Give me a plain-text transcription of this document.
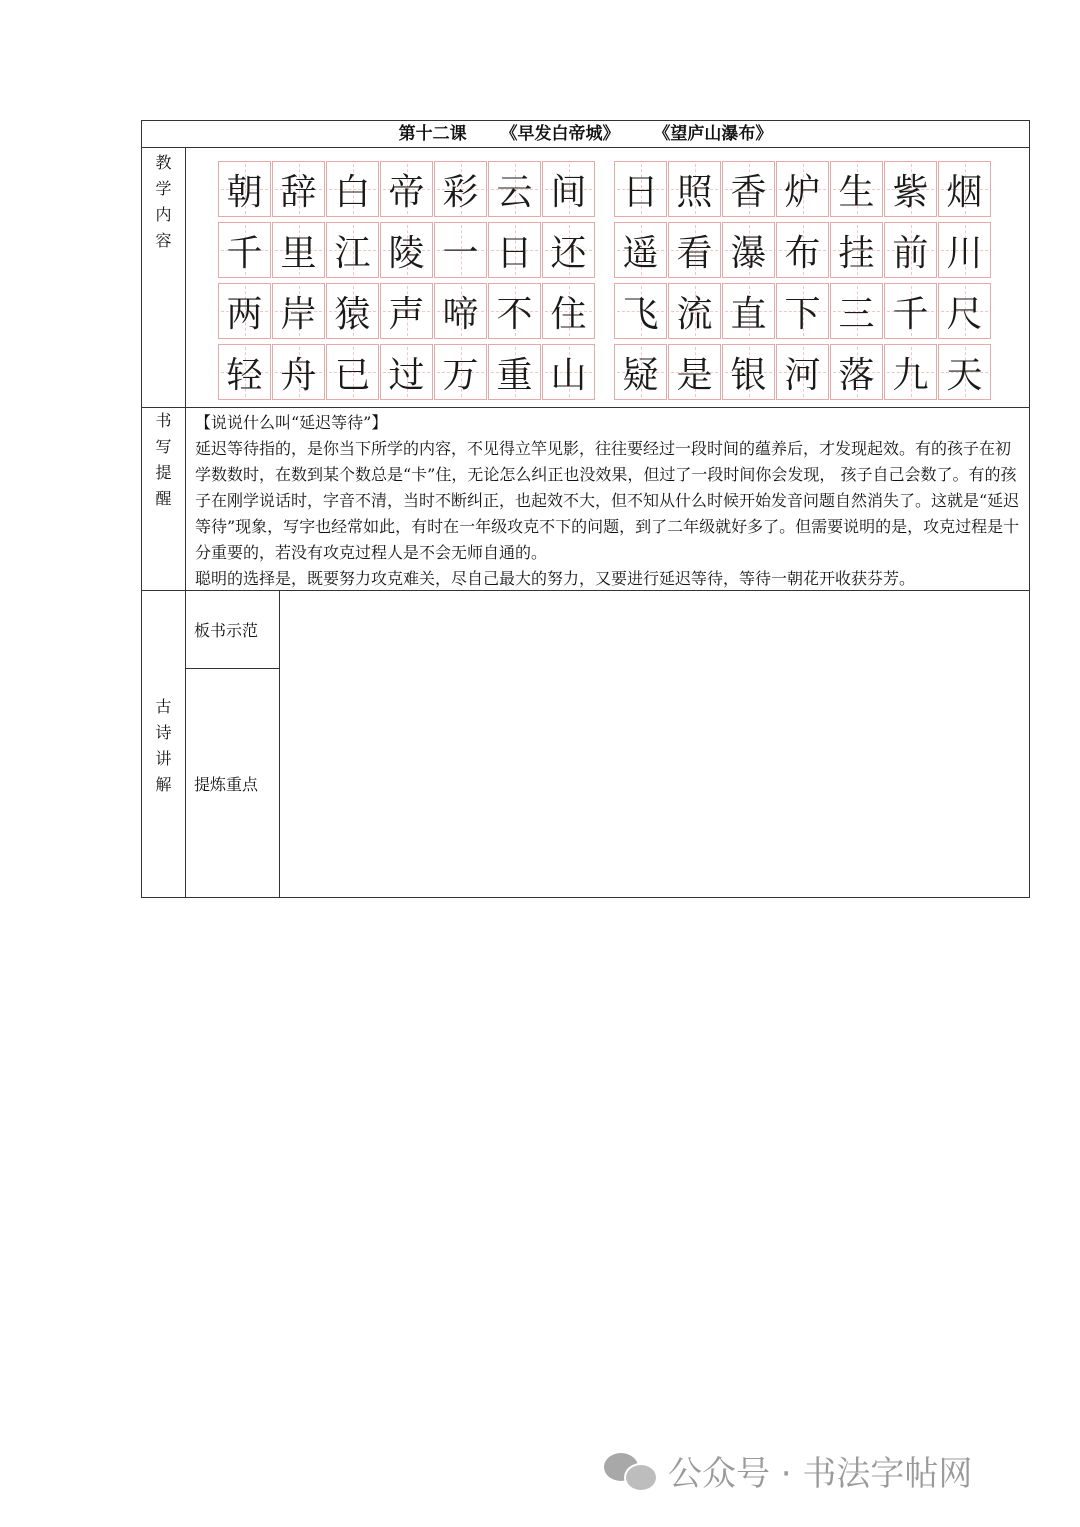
第十二课 《早发白帝城》 《望庐山瀑布》
教
学
内
容
朝 辞 白 帝 彩 云 间
千 里 江 陵 一 日 还
两 岸 猿 声 啼 不 住
轻 舟 已 过 万 重 山
日 照 香 炉 生 紫 烟
遥 看 瀑 布 挂 前 川
飞 流 直 下 三 千 尺
疑 是 银 河 落 九 天
书
写
提
醒

【说说什么叫“延迟等待”】

延迟等待指的，是你当下所学的内容，不见得立竿见影，往往要经过一段时间的蕴养后，才发现起效。有的孩子在初学数数时，在数到某个数总是“卡”住，无论怎么纠正也没效果，但过了一段时间你会发现， 孩子自己会数了。有的孩子在刚学说话时，字音不清，当时不断纠正，也起效不大，但不知从什么时候开始发音问题自然消失了。这就是“延迟等待”现象，写字也经常如此，有时在一年级攻克不下的问题，到了二年级就好多了。但需要说明的是，攻克过程是十分重要的，若没有攻克过程人是不会无师自通的。

聪明的选择是，既要努力攻克难关，尽自己最大的努力，又要进行延迟等待，等待一朝花开收获芬芳。

古
诗
讲
解
板书示范
提炼重点
公众号 · 书法字帖网
